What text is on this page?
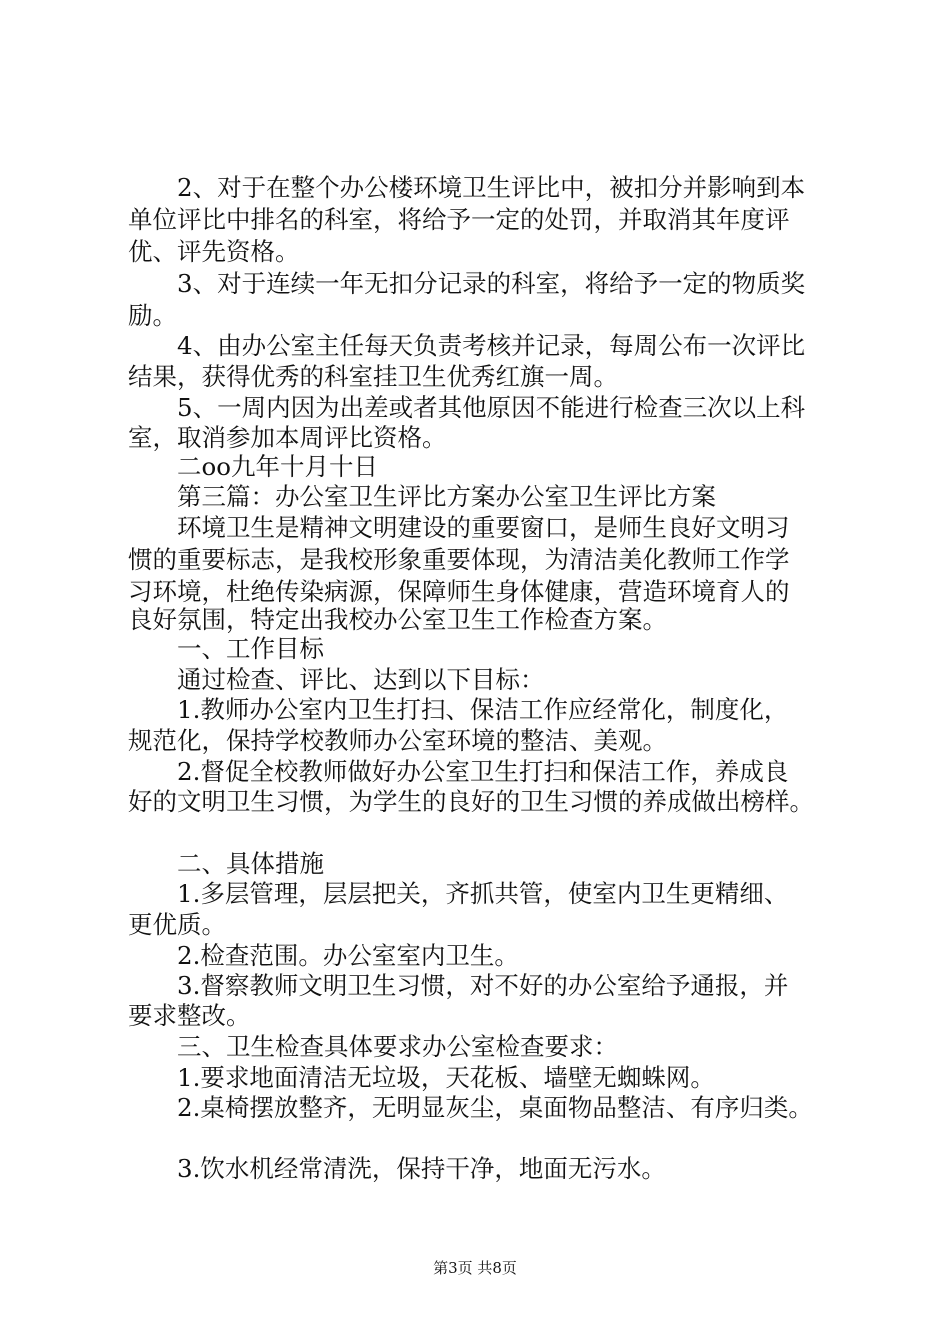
2、对于在整个办公楼环境卫生评比中，被扣分并影响到本
单位评比中排名的科室，将给予一定的处罚，并取消其年度评
优、评先资格。
3、对于连续一年无扣分记录的科室，将给予一定的物质奖
励。
4、由办公室主任每天负责考核并记录，每周公布一次评比
结果，获得优秀的科室挂卫生优秀红旗一周。
5、一周内因为出差或者其他原因不能进行检查三次以上科
室，取消参加本周评比资格。
二oo九年十月十日
第三篇：办公室卫生评比方案办公室卫生评比方案
环境卫生是精神文明建设的重要窗口，是师生良好文明习
惯的重要标志，是我校形象重要体现，为清洁美化教师工作学
习环境，杜绝传染病源，保障师生身体健康，营造环境育人的
良好氛围，特定出我校办公室卫生工作检查方案。
一、工作目标
通过检查、评比、达到以下目标：
1.教师办公室内卫生打扫、保洁工作应经常化，制度化，
规范化，保持学校教师办公室环境的整洁、美观。
2.督促全校教师做好办公室卫生打扫和保洁工作，养成良
好的文明卫生习惯，为学生的良好的卫生习惯的养成做出榜样。
二、具体措施
1.多层管理，层层把关，齐抓共管，使室内卫生更精细、
更优质。
2.检查范围。办公室室内卫生。
3.督察教师文明卫生习惯，对不好的办公室给予通报，并
要求整改。
三、卫生检查具体要求办公室检查要求：
1.要求地面清洁无垃圾，天花板、墙壁无蜘蛛网。
2.桌椅摆放整齐，无明显灰尘，桌面物品整洁、有序归类。
3.饮水机经常清洗，保持干净，地面无污水。
第3页 共8页
